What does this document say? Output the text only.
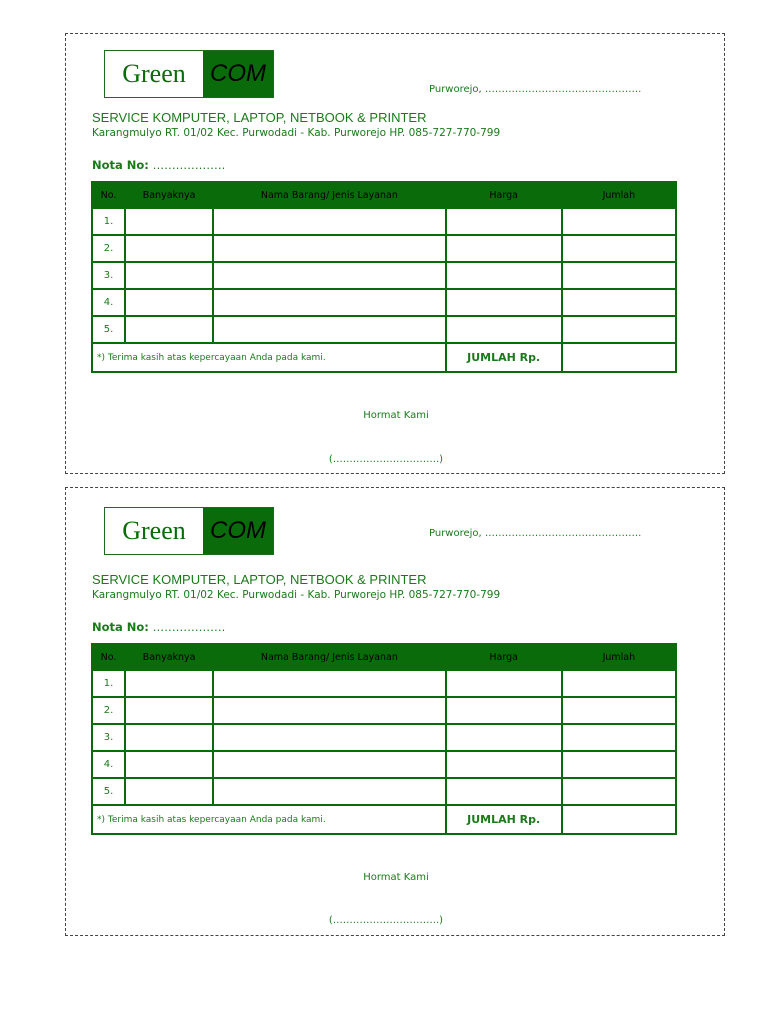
Green	COM
Purworejo, ………………………………………..
SERVICE KOMPUTER, LAPTOP, NETBOOK & PRINTER
Karangmulyo RT. 01/02 Kec. Purwodadi - Kab. Purworejo HP. 085-727-770-799
Nota No: ……………….
No.	Banyaknya	Nama Barang/ Jenis Layanan	Harga	Jumlah
1.				
2.				
3.				
4.				
5.				
*) Terima kasih atas kepercayaan Anda pada kami.			JUMLAH Rp.	
Hormat Kami
(…………………………..)
Green	COM	Purworejo, ………………………………………..
SERVICE KOMPUTER, LAPTOP, NETBOOK & PRINTER
Karangmulyo RT. 01/02 Kec. Purwodadi - Kab. Purworejo HP. 085-727-770-799
Nota No: ……………….
No.	Banyaknya	Nama Barang/ Jenis Layanan	Harga	Jumlah
1.				
2.				
3.				
4.				
5.				
*) Terima kasih atas kepercayaan Anda pada kami.			JUMLAH Rp.	
Hormat Kami
(…………………………..)
